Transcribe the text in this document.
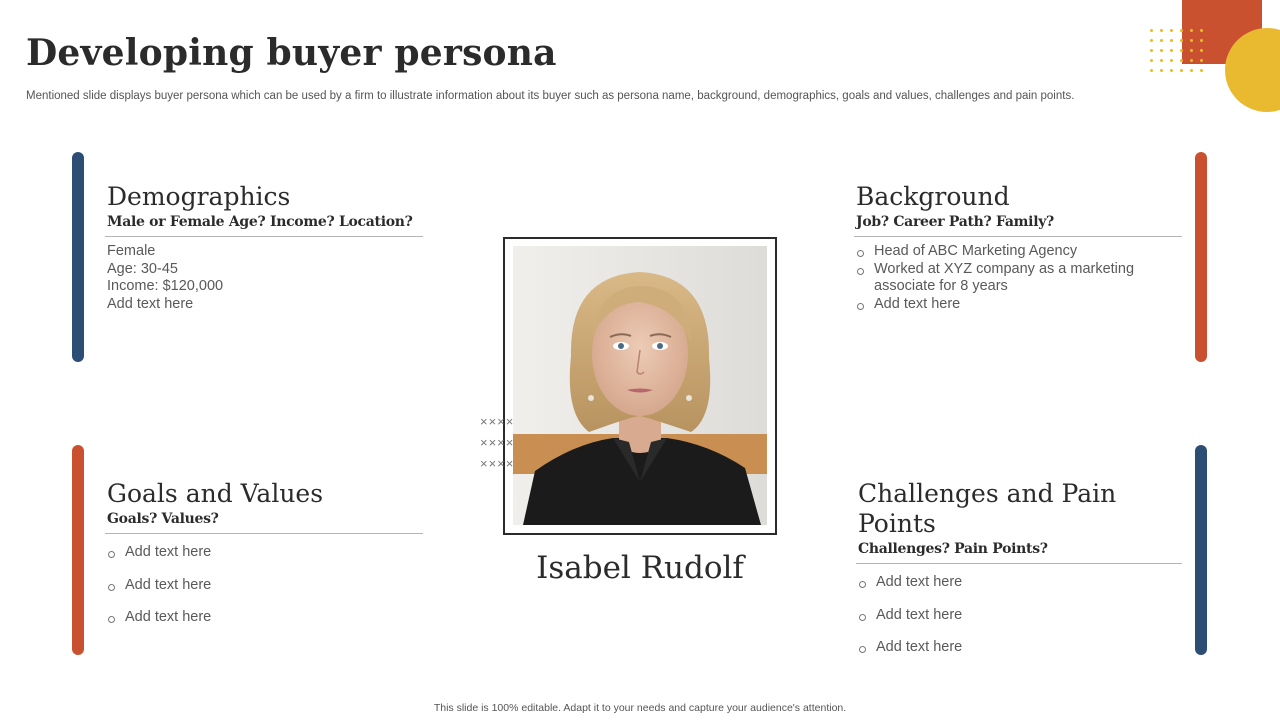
Developing buyer persona

Mentioned slide displays buyer persona which can be used by a firm to illustrate information about its buyer such as persona name, background, demographics, goals and values, challenges and pain points.

Demographics
Male or Female Age? Income? Location?
Female
Age: 30-45
Income: $120,000
Add text here
Background
Job? Career Path? Family?
Head of ABC Marketing Agency
Worked at XYZ company as a marketing associate for 8 years
Add text here
Goals and Values
Goals? Values?
Add text here
Add text here
Add text here
Challenges and Pain Points
Challenges? Pain Points?
Add text here
Add text here
Add text here
××××
××××
××××
Isabel Rudolf
This slide is 100% editable. Adapt it to your needs and capture your audience's attention.
